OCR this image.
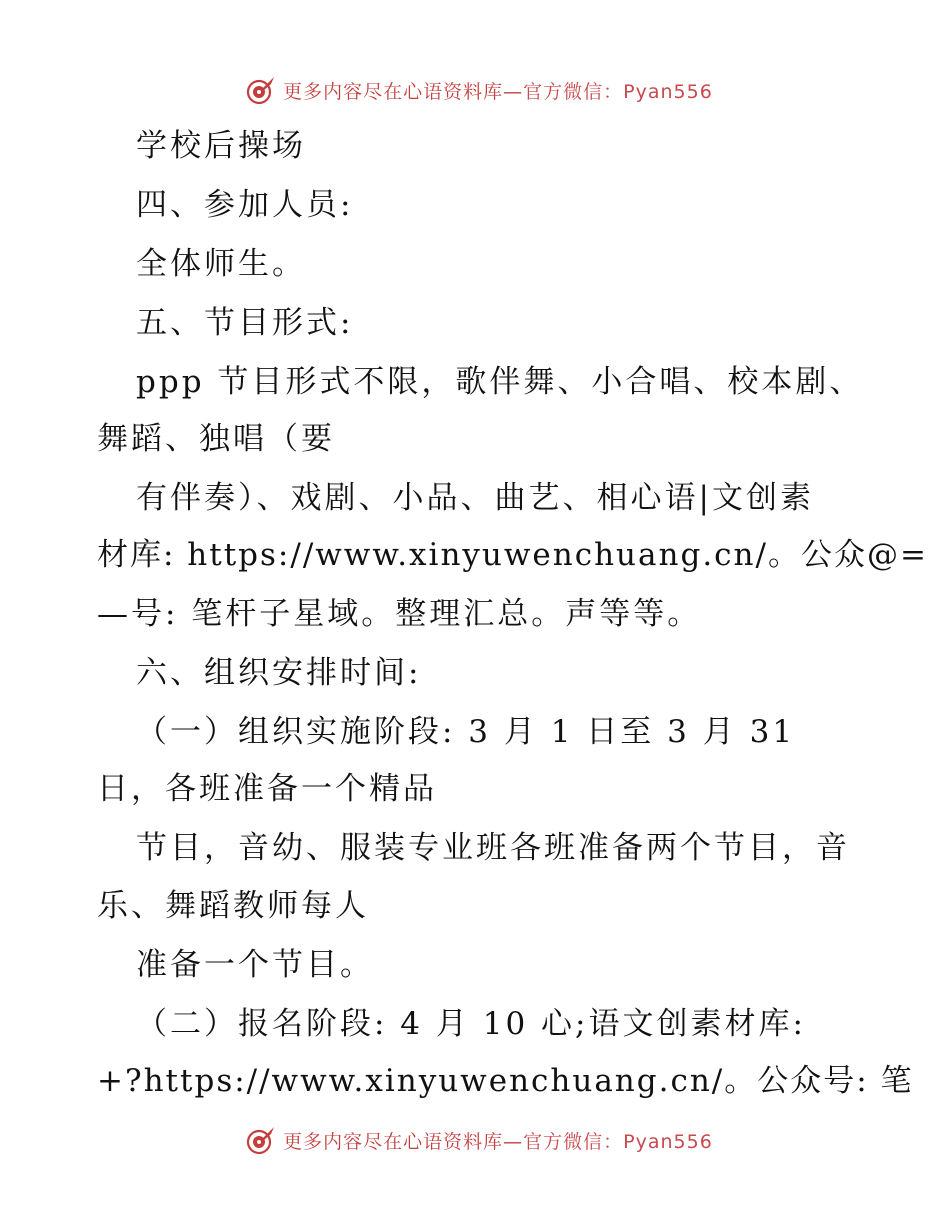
更多内容尽在心语资料库—官方微信：Pyan556
学校后操场
四、参加人员:
全体师生。
五、节目形式:
ppp 节目形式不限，歌伴舞、小合唱、校本剧、
舞蹈、独唱（要
有伴奏）、戏剧、小品、曲艺、相心语|文创素
材库: https://www.xinyuwenchuang.cn/。公众@=
—号: 笔杆子星域。整理汇总。声等等。
六、组织安排时间:
（一）组织实施阶段: 3 月 1 日至 3 月 31
日，各班准备一个精品
节目，音幼、服装专业班各班准备两个节目，音
乐、舞蹈教师每人
准备一个节目。
（二）报名阶段: 4 月 10 心;语文创素材库:
+?https://www.xinyuwenchuang.cn/。公众号: 笔
更多内容尽在心语资料库—官方微信：Pyan556
